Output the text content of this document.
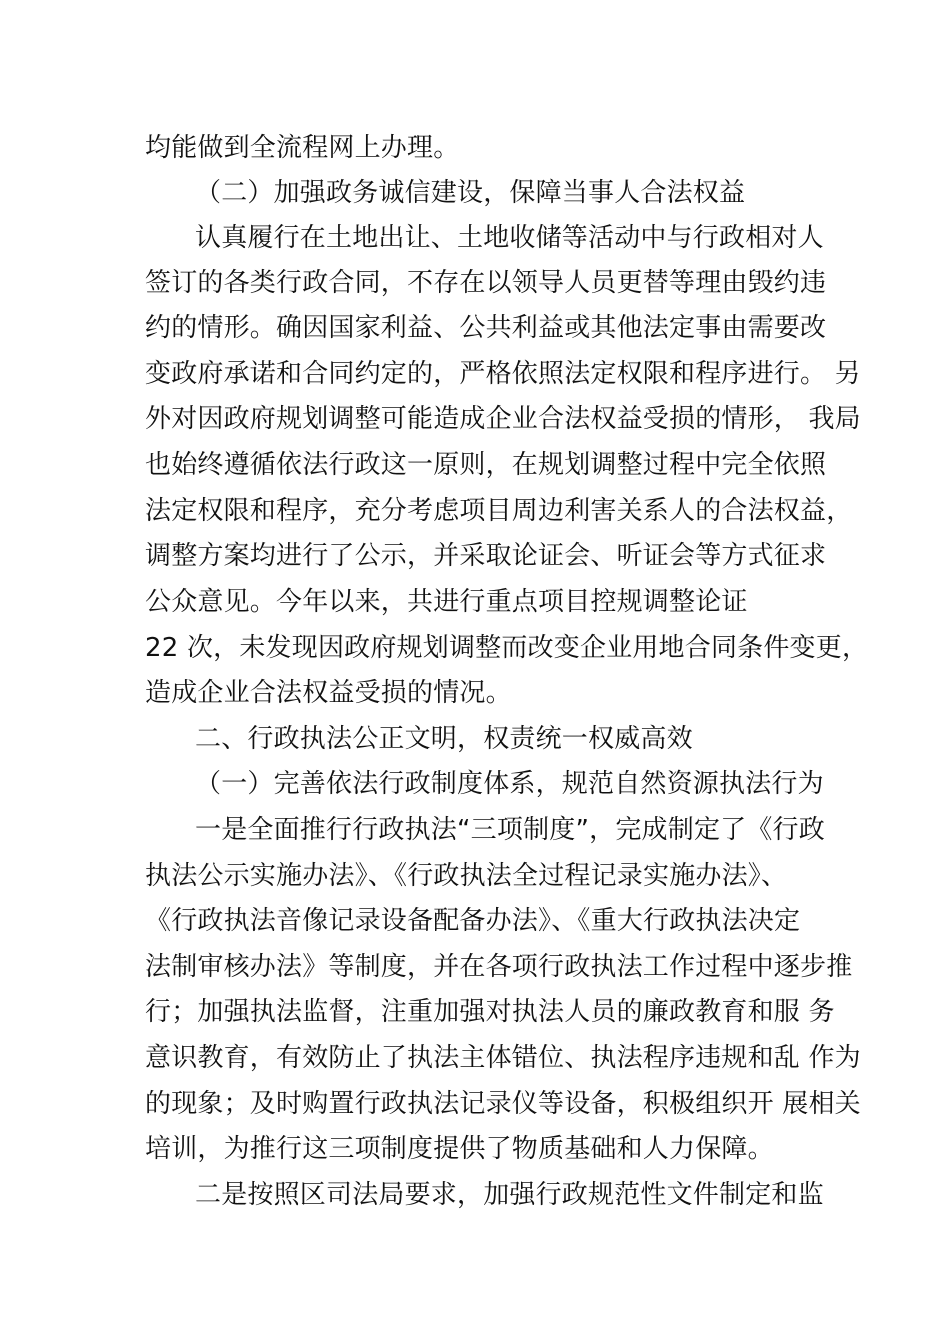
均能做到全流程网上办理。
（二）加强政务诚信建设，保障当事人合法权益
认真履行在土地出让、土地收储等活动中与行政相对人
签订的各类行政合同，不存在以领导人员更替等理由毁约违
约的情形。确因国家利益、公共利益或其他法定事由需要改
变政府承诺和合同约定的，严格依照法定权限和程序进行。 另
外对因政府规划调整可能造成企业合法权益受损的情形， 我局
也始终遵循依法行政这一原则，在规划调整过程中完全依照
法定权限和程序，充分考虑项目周边利害关系人的合法权益，
调整方案均进行了公示，并采取论证会、听证会等方式征求
公众意见。今年以来，共进行重点项目控规调整论证
22 次，未发现因政府规划调整而改变企业用地合同条件变更，
造成企业合法权益受损的情况。
二、行政执法公正文明，权责统一权威高效
（一）完善依法行政制度体系，规范自然资源执法行为
一是全面推行行政执法“三项制度”，完成制定了《行政
执法公示实施办法》、《行政执法全过程记录实施办法》、
《行政执法音像记录设备配备办法》、《重大行政执法决定
法制审核办法》等制度，并在各项行政执法工作过程中逐步推
行；加强执法监督，注重加强对执法人员的廉政教育和服 务
意识教育，有效防止了执法主体错位、执法程序违规和乱 作为
的现象；及时购置行政执法记录仪等设备，积极组织开 展相关
培训，为推行这三项制度提供了物质基础和人力保障。
二是按照区司法局要求，加强行政规范性文件制定和监
